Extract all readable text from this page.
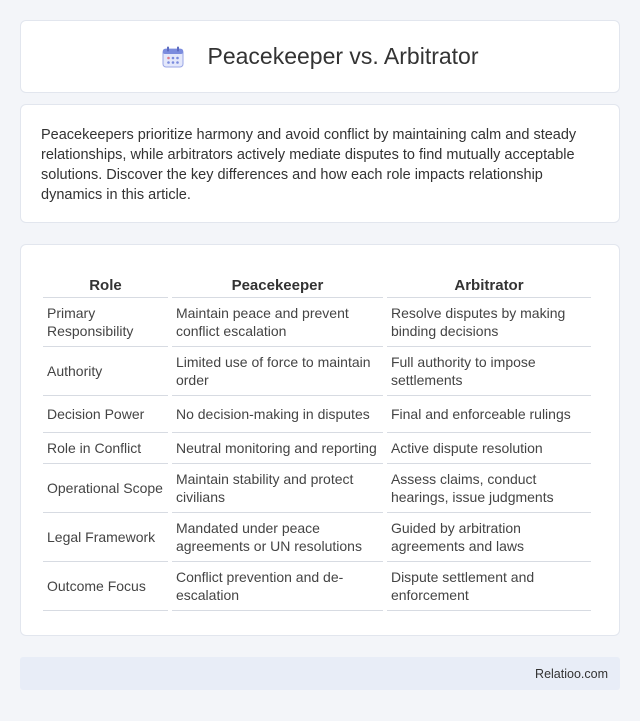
Peacekeeper vs. Arbitrator

Peacekeepers prioritize harmony and avoid conflict by maintaining calm and steady relationships, while arbitrators actively mediate disputes to find mutually acceptable solutions. Discover the key differences and how each role impacts relationship dynamics in this article.

Role	Peacekeeper	Arbitrator
Primary Responsibility	Maintain peace and prevent conflict escalation	Resolve disputes by making binding decisions
Authority	Limited use of force to maintain order	Full authority to impose settlements
Decision Power	No decision-making in disputes	Final and enforceable rulings
Role in Conflict	Neutral monitoring and reporting	Active dispute resolution
Operational Scope	Maintain stability and protect civilians	Assess claims, conduct hearings, issue judgments
Legal Framework	Mandated under peace agreements or UN resolutions	Guided by arbitration agreements and laws
Outcome Focus	Conflict prevention and de-escalation	Dispute settlement and enforcement
Relatioo.com
